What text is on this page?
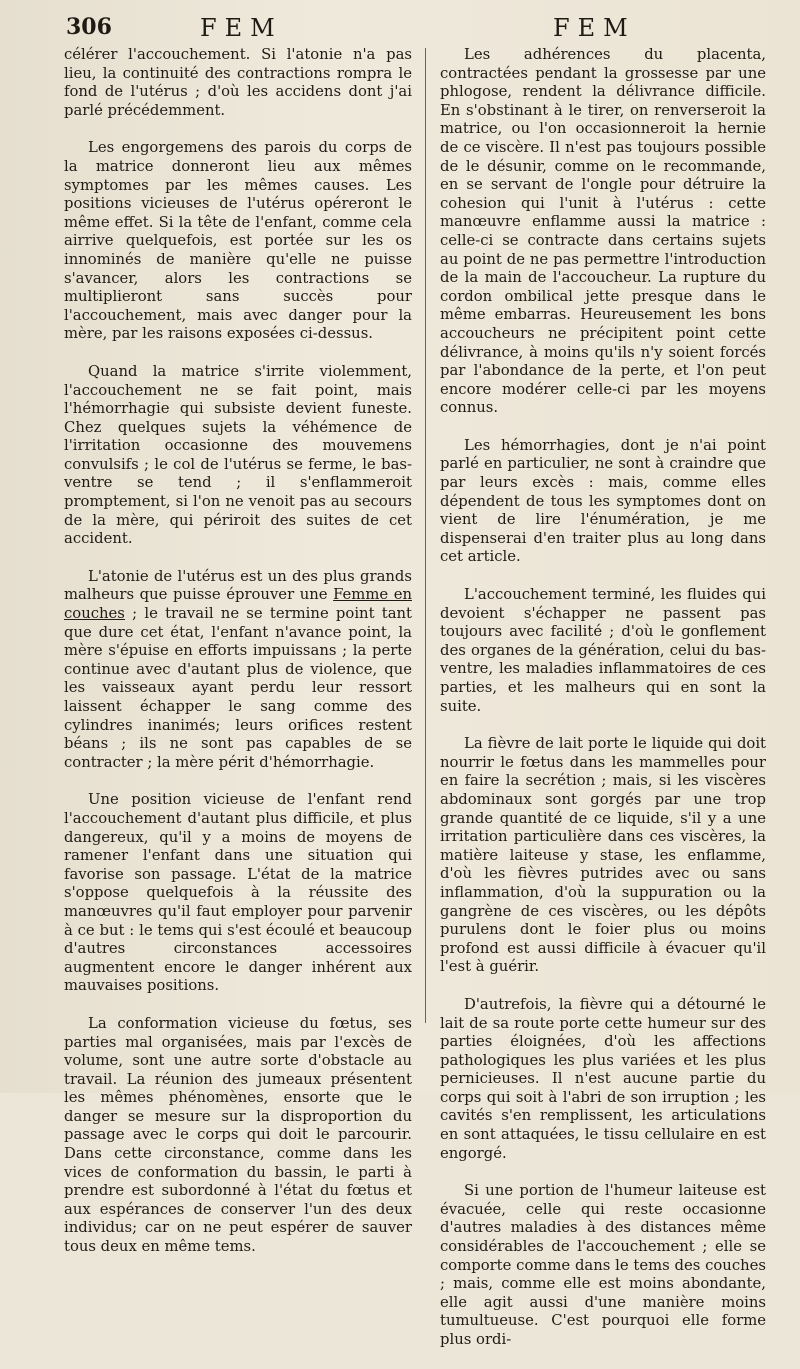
306	FEM	FEM

célérer l'accouchement. Si l'atonie n'a pas lieu, la continuité des contractions rompra le fond de l'utérus ; d'où les accidens dont j'ai parlé précédemment.

Les engorgemens des parois du corps de la matrice donneront lieu aux mêmes symptomes par les mêmes causes. Les positions vicieuses de l'utérus opéreront le même effet. Si la tête de l'enfant, comme cela airrive quelquefois, est portée sur les os innominés de manière qu'elle ne puisse s'avancer, alors les contractions se multiplieront sans succès pour l'accouchement, mais avec danger pour la mère, par les raisons exposées ci-dessus.

Quand la matrice s'irrite violemment, l'accouchement ne se fait point, mais l'hémorrhagie qui subsiste devient funeste. Chez quelques sujets la véhémence de l'irritation occasionne des mouvemens convulsifs ; le col de l'utérus se ferme, le bas-ventre se tend ; il s'enflammeroit promptement, si l'on ne venoit pas au secours de la mère, qui périroit des suites de cet accident.

L'atonie de l'utérus est un des plus grands malheurs que puisse éprouver une Femme en couches ; le travail ne se termine point tant que dure cet état, l'enfant n'avance point, la mère s'épuise en efforts impuissans ; la perte continue avec d'autant plus de violence, que les vaisseaux ayant perdu leur ressort laissent échapper le sang comme des cylindres inanimés; leurs orifices restent béans ; ils ne sont pas capables de se contracter ; la mère périt d'hémorrhagie.

Une position vicieuse de l'enfant rend l'accouchement d'autant plus difficile, et plus dangereux, qu'il y a moins de moyens de ramener l'enfant dans une situation qui favorise son passage. L'état de la matrice s'oppose quelquefois à la réussite des manœuvres qu'il faut employer pour parvenir à ce but : le tems qui s'est écoulé et beaucoup d'autres circonstances accessoires augmentent encore le danger inhérent aux mauvaises positions.

La conformation vicieuse du fœtus, ses parties mal organisées, mais par l'excès de volume, sont une autre sorte d'obstacle au travail. La réunion des jumeaux présentent les mêmes phénomènes, ensorte que le danger se mesure sur la disproportion du passage avec le corps qui doit le parcourir. Dans cette circonstance, comme dans les vices de conformation du bassin, le parti à prendre est subordonné à l'état du fœtus et aux espérances de conserver l'un des deux individus; car on ne peut espérer de sauver tous deux en même tems.

Les adhérences du placenta, contractées pendant la grossesse par une phlogose, rendent la délivrance difficile. En s'obstinant à le tirer, on renverseroit la matrice, ou l'on occasionneroit la hernie de ce viscère. Il n'est pas toujours possible de le désunir, comme on le recommande, en se servant de l'ongle pour détruire la cohesion qui l'unit à l'utérus : cette manœuvre enflamme aussi la matrice : celle-ci se contracte dans certains sujets au point de ne pas permettre l'introduction de la main de l'accoucheur. La rupture du cordon ombilical jette presque dans le même embarras. Heureusement les bons accoucheurs ne précipitent point cette délivrance, à moins qu'ils n'y soient forcés par l'abondance de la perte, et l'on peut encore modérer celle-ci par les moyens connus.

Les hémorrhagies, dont je n'ai point parlé en particulier, ne sont à craindre que par leurs excès : mais, comme elles dépendent de tous les symptomes dont on vient de lire l'énumération, je me dispenserai d'en traiter plus au long dans cet article.

L'accouchement terminé, les fluides qui devoient s'échapper ne passent pas toujours avec facilité ; d'où le gonflement des organes de la génération, celui du bas-ventre, les maladies inflammatoires de ces parties, et les malheurs qui en sont la suite.

La fièvre de lait porte le liquide qui doit nourrir le fœtus dans les mammelles pour en faire la secrétion ; mais, si les viscères abdominaux sont gorgés par une trop grande quantité de ce liquide, s'il y a une irritation particulière dans ces viscères, la matière laiteuse y stase, les enflamme, d'où les fièvres putrides avec ou sans inflammation, d'où la suppuration ou la gangrène de ces viscères, ou les dépôts purulens dont le foier plus ou moins profond est aussi difficile à évacuer qu'il l'est à guérir.

D'autrefois, la fièvre qui a détourné le lait de sa route porte cette humeur sur des parties éloignées, d'où les affections pathologiques les plus variées et les plus pernicieuses. Il n'est aucune partie du corps qui soit à l'abri de son irruption ; les cavités s'en remplissent, les articulations en sont attaquées, le tissu cellulaire en est engorgé.

Si une portion de l'humeur laiteuse est évacuée, celle qui reste occasionne d'autres maladies à des distances même considérables de l'accouchement ; elle se comporte comme dans le tems des couches ; mais, comme elle est moins abondante, elle agit aussi d'une manière moins tumultueuse. C'est pourquoi elle forme plus ordi-
